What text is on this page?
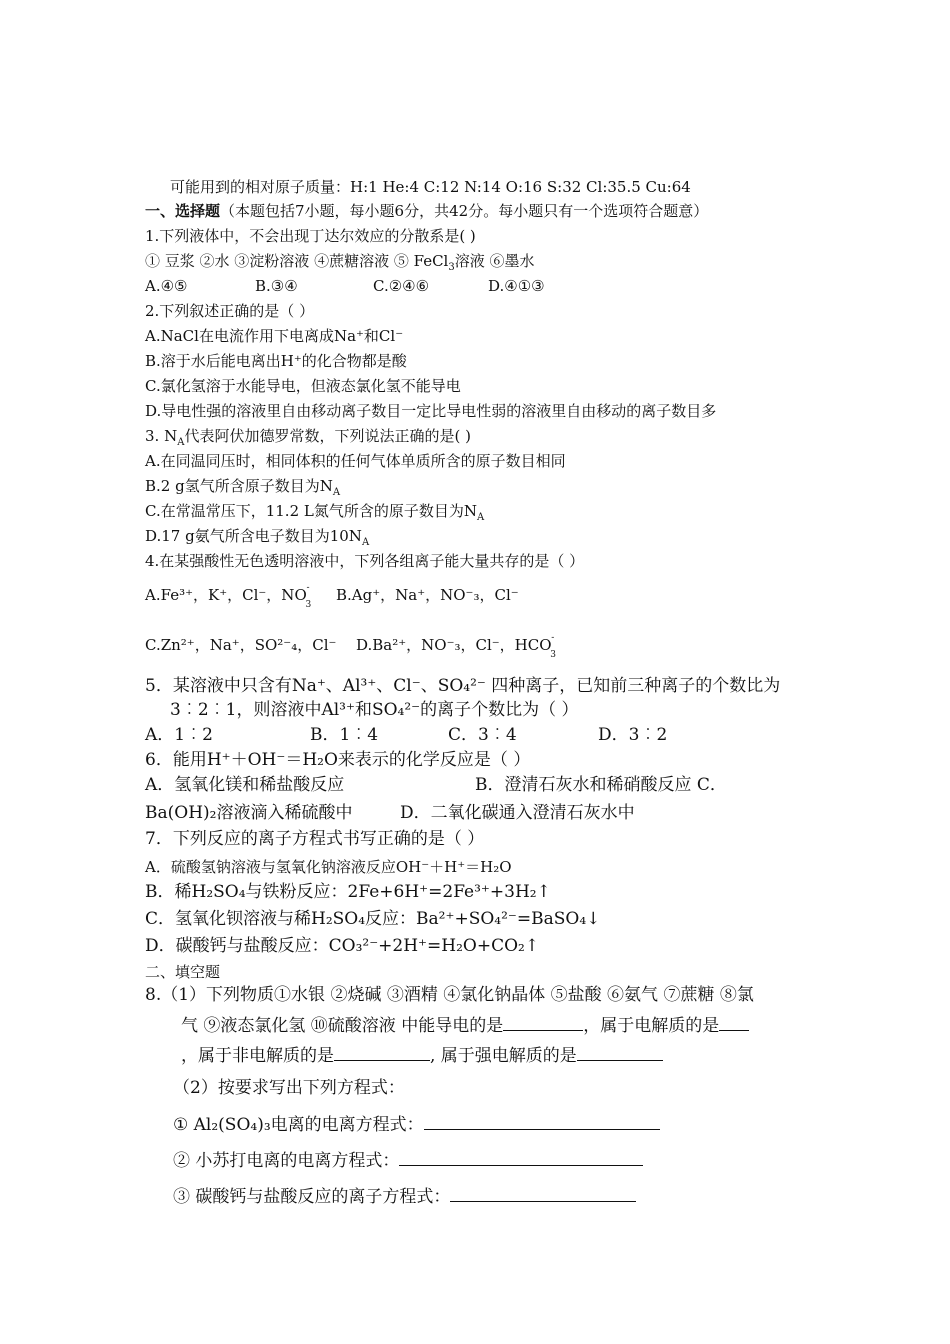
可能用到的相对原子质量：H:1 He:4 C:12 N:14 O:16 S:32 Cl:35.5 Cu:64
一、选择题（本题包括7小题，每小题6分，共42分。每小题只有一个选项符合题意）
1.下列液体中，不会出现丁达尔效应的分散系是( )
① 豆浆 ②水 ③淀粉溶液 ④蔗糖溶液 ⑤ FeCl$_3$溶液 ⑥墨水
A.④⑤	B.③④	C.②④⑥	D.④①③
2.下列叙述正确的是（ ）
A.NaCl在电流作用下电离成Na⁺和Cl⁻
B.溶于水后能电离出H⁺的化合物都是酸
C.氯化氢溶于水能导电，但液态氯化氢不能导电
D.导电性强的溶液里自由移动离子数目一定比导电性弱的溶液里自由移动的离子数目多
3. $N_A$代表阿伏加德罗常数，下列说法正确的是( )
A.在同温同压时，相同体积的任何气体单质所含的原子数目相同
B.2 g氢气所含原子数目为$N_A$
C.在常温常压下，11.2 L氮气所含的原子数目为$N_A$
D.17 g氨气所含电子数目为$10N_A$
4.在某强酸性无色透明溶液中，下列各组离子能大量共存的是（ ）
A.Fe³⁺，K⁺，Cl⁻，N O -
3
B.Ag⁺，Na⁺，NO⁻₃，Cl⁻
C.Zn²⁺，Na⁺，SO²⁻₄，Cl⁻ D.Ba²⁺，NO⁻₃，Cl⁻，HC O -
3
5．某溶液中只含有Na⁺、Al³⁺、Cl⁻、SO₄²⁻ 四种离子，已知前三种离子的个数比为
3︰2︰1，则溶液中Al³⁺和SO₄²⁻的离子个数比为（ ）
A．1︰2	B．1︰4	C．3︰4	D．3︰2
6．能用H⁺＋OH⁻＝H₂O来表示的化学反应是（ ）
A．氢氧化镁和稀盐酸反应	B．澄清石灰水和稀硝酸反应 C．
Ba(OH)₂溶液滴入稀硫酸中	D．二氧化碳通入澄清石灰水中
7．下列反应的离子方程式书写正确的是（ ）
A．硫酸氢钠溶液与氢氧化钠溶液反应OH⁻＋H⁺＝H₂O
B．稀H₂SO₄与铁粉反应：2Fe+6H⁺=2Fe³⁺+3H₂↑
C．氢氧化钡溶液与稀H₂SO₄反应：Ba²⁺+SO₄²⁻=BaSO₄↓
D．碳酸钙与盐酸反应：CO₃²⁻+2H⁺=H₂O+CO₂↑
二、填空题
8.（1）下列物质①水银 ②烧碱 ③酒精 ④氯化钠晶体 ⑤盐酸 ⑥氨气 ⑦蔗糖 ⑧氯
气 ⑨液态氯化氢 ⑩硫酸溶液 中能导电的是	，属于电解质的是
，属于非电解质的是	, 属于强电解质的是
（2）按要求写出下列方程式：
① Al₂(SO₄)₃电离的电离方程式：
② 小苏打电离的电离方程式：
③ 碳酸钙与盐酸反应的离子方程式：
